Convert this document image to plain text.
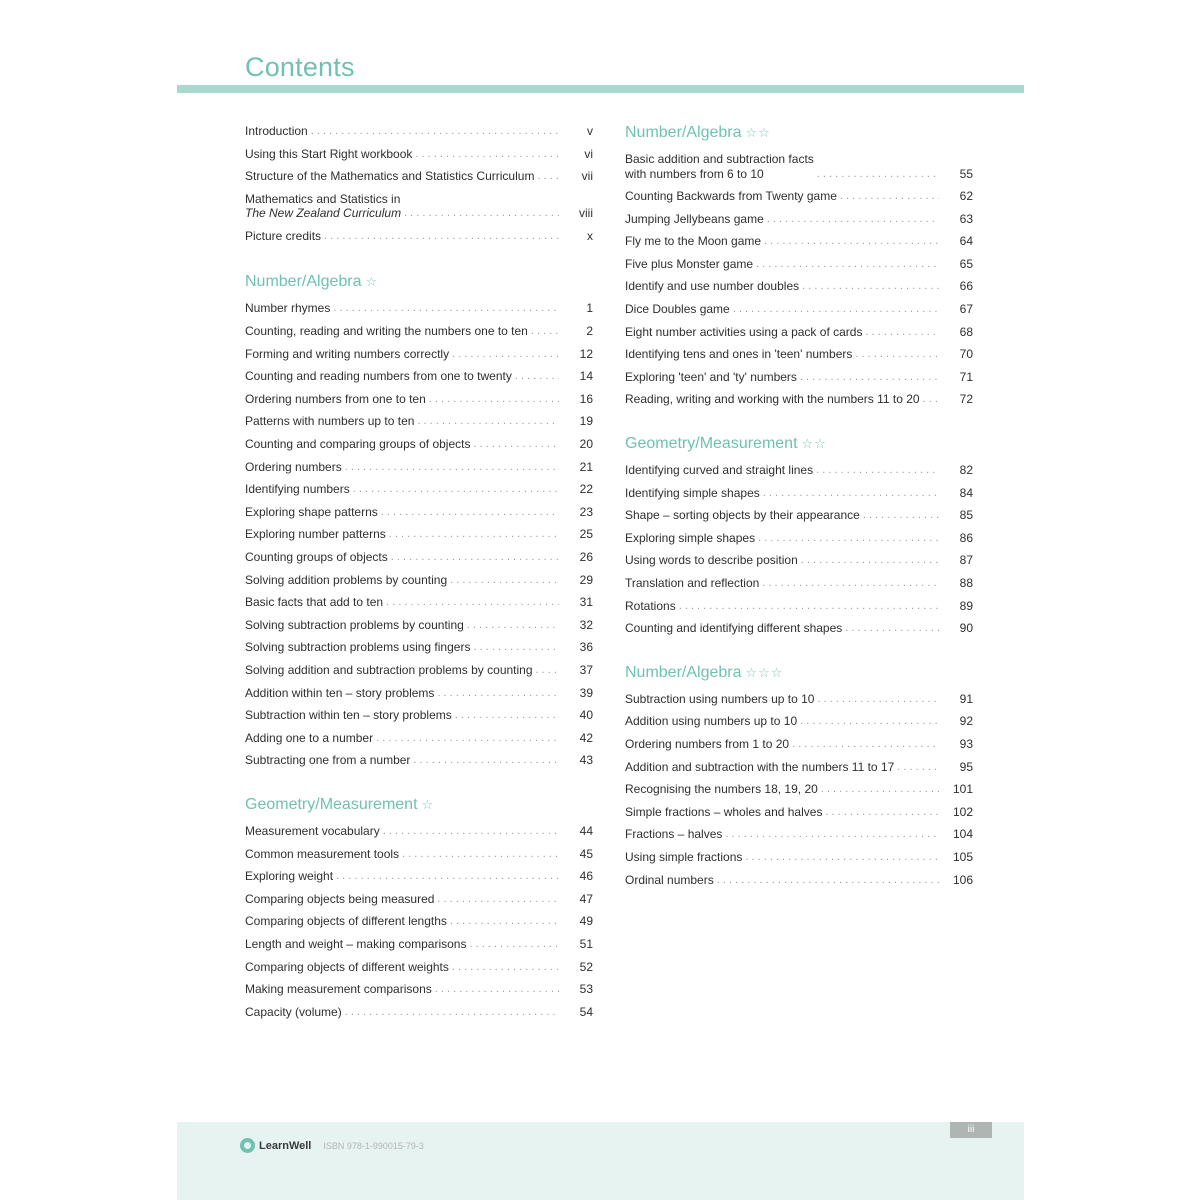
Contents
Introduction . . .	v
Using this Start Right workbook . . .	vi
Structure of the Mathematics and Statistics Curriculum . . .	vii
Mathematics and Statistics in
The New Zealand Curriculum . . .	viii
Picture credits . . .	x
Number/Algebra ☆
Number rhymes . . .	1
Counting, reading and writing the numbers one to ten . . .	2
Forming and writing numbers correctly . . .	12
Counting and reading numbers from one to twenty . . .	14
Ordering numbers from one to ten . . .	16
Patterns with numbers up to ten . . .	19
Counting and comparing groups of objects . . .	20
Ordering numbers . . .	21
Identifying numbers . . .	22
Exploring shape patterns . . .	23
Exploring number patterns . . .	25
Counting groups of objects . . .	26
Solving addition problems by counting . . .	29
Basic facts that add to ten . . .	31
Solving subtraction problems by counting . . .	32
Solving subtraction problems using fingers . . .	36
Solving addition and subtraction problems by counting . . .	37
Addition within ten – story problems . . .	39
Subtraction within ten – story problems . . .	40
Adding one to a number . . .	42
Subtracting one from a number . . .	43
Geometry/Measurement ☆
Measurement vocabulary . . .	44
Common measurement tools . . .	45
Exploring weight . . .	46
Comparing objects being measured . . .	47
Comparing objects of different lengths . . .	49
Length and weight – making comparisons . . .	51
Comparing objects of different weights . . .	52
Making measurement comparisons . . .	53
Capacity (volume) . . .	54
Number/Algebra ☆☆
Basic addition and subtraction facts
with numbers from 6 to 10 . . .	55
Counting Backwards from Twenty game . . .	62
Jumping Jellybeans game . . .	63
Fly me to the Moon game . . .	64
Five plus Monster game . . .	65
Identify and use number doubles . . .	66
Dice Doubles game . . .	67
Eight number activities using a pack of cards . . .	68
Identifying tens and ones in 'teen' numbers . . .	70
Exploring 'teen' and 'ty' numbers . . .	71
Reading, writing and working with the numbers 11 to 20 . . .	72
Geometry/Measurement ☆☆
Identifying curved and straight lines . . .	82
Identifying simple shapes . . .	84
Shape – sorting objects by their appearance . . .	85
Exploring simple shapes . . .	86
Using words to describe position . . .	87
Translation and reflection . . .	88
Rotations . . .	89
Counting and identifying different shapes . . .	90
Number/Algebra ☆☆☆
Subtraction using numbers up to 10 . . .	91
Addition using numbers up to 10 . . .	92
Ordering numbers from 1 to 20 . . .	93
Addition and subtraction with the numbers 11 to 17 . . .	95
Recognising the numbers 18, 19, 20 . . .	101
Simple fractions – wholes and halves . . .	102
Fractions – halves . . .	104
Using simple fractions . . .	105
Ordinal numbers . . .	106
LearnWell ISBN 978-1-990015-79-3
iii
